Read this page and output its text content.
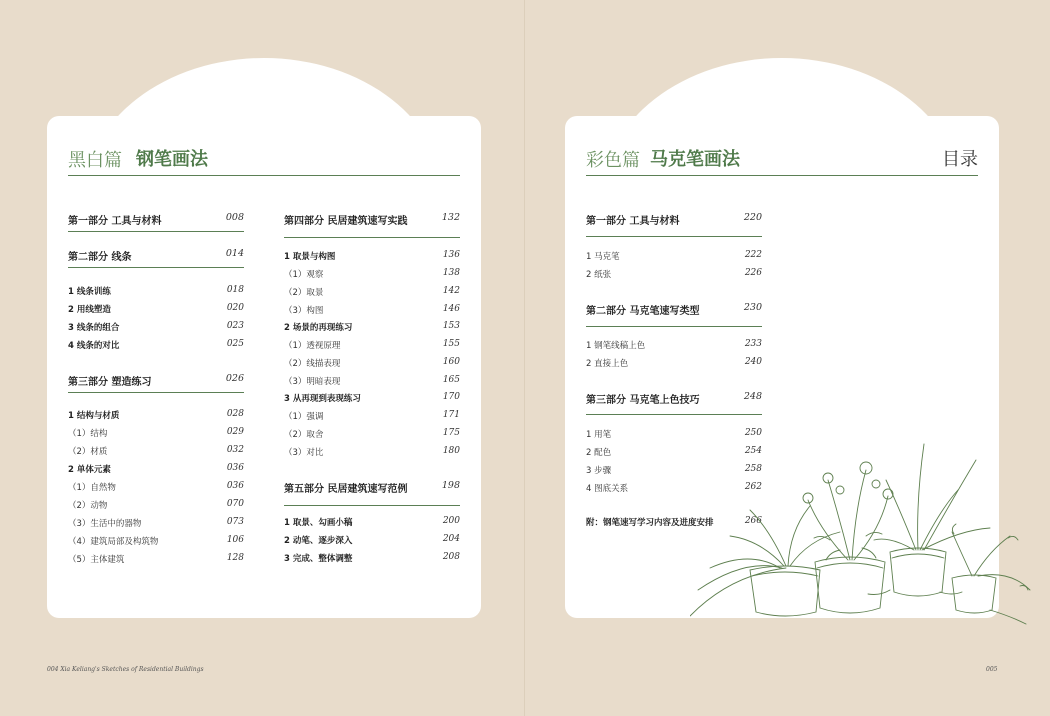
黑白篇 钢笔画法
第一部分 工具与材料	008
第二部分 线条	014
1 线条训练	018
2 用线塑造	020
3 线条的组合	023
4 线条的对比	025
第三部分 塑造练习	026
1 结构与材质	028
（1）结构	029
（2）材质	032
2 单体元素	036
（1）自然物	036
（2）动物	070
（3）生活中的器物	073
（4）建筑局部及构筑物	106
（5）主体建筑	128
第四部分 民居建筑速写实践	132
1 取景与构图	136
（1）观察	138
（2）取景	142
（3）构图	146
2 场景的再现练习	153
（1）透视原理	155
（2）线描表现	160
（3）明暗表现	165
3 从再现到表现练习	170
（1）强调	171
（2）取舍	175
（3）对比	180
第五部分 民居建筑速写范例	198
1 取景、勾画小稿	200
2 动笔、逐步深入	204
3 完成、整体调整	208
004 Xia Keliang's Sketches of Residential Buildings
彩色篇 马克笔画法	目录
第一部分 工具与材料	220
1 马克笔	222
2 纸张	226
第二部分 马克笔速写类型	230
1 钢笔线稿上色	233
2 直接上色	240
第三部分 马克笔上色技巧	248
1 用笔	250
2 配色	254
3 步骤	258
4 图底关系	262
附：钢笔速写学习内容及进度安排	266
005
